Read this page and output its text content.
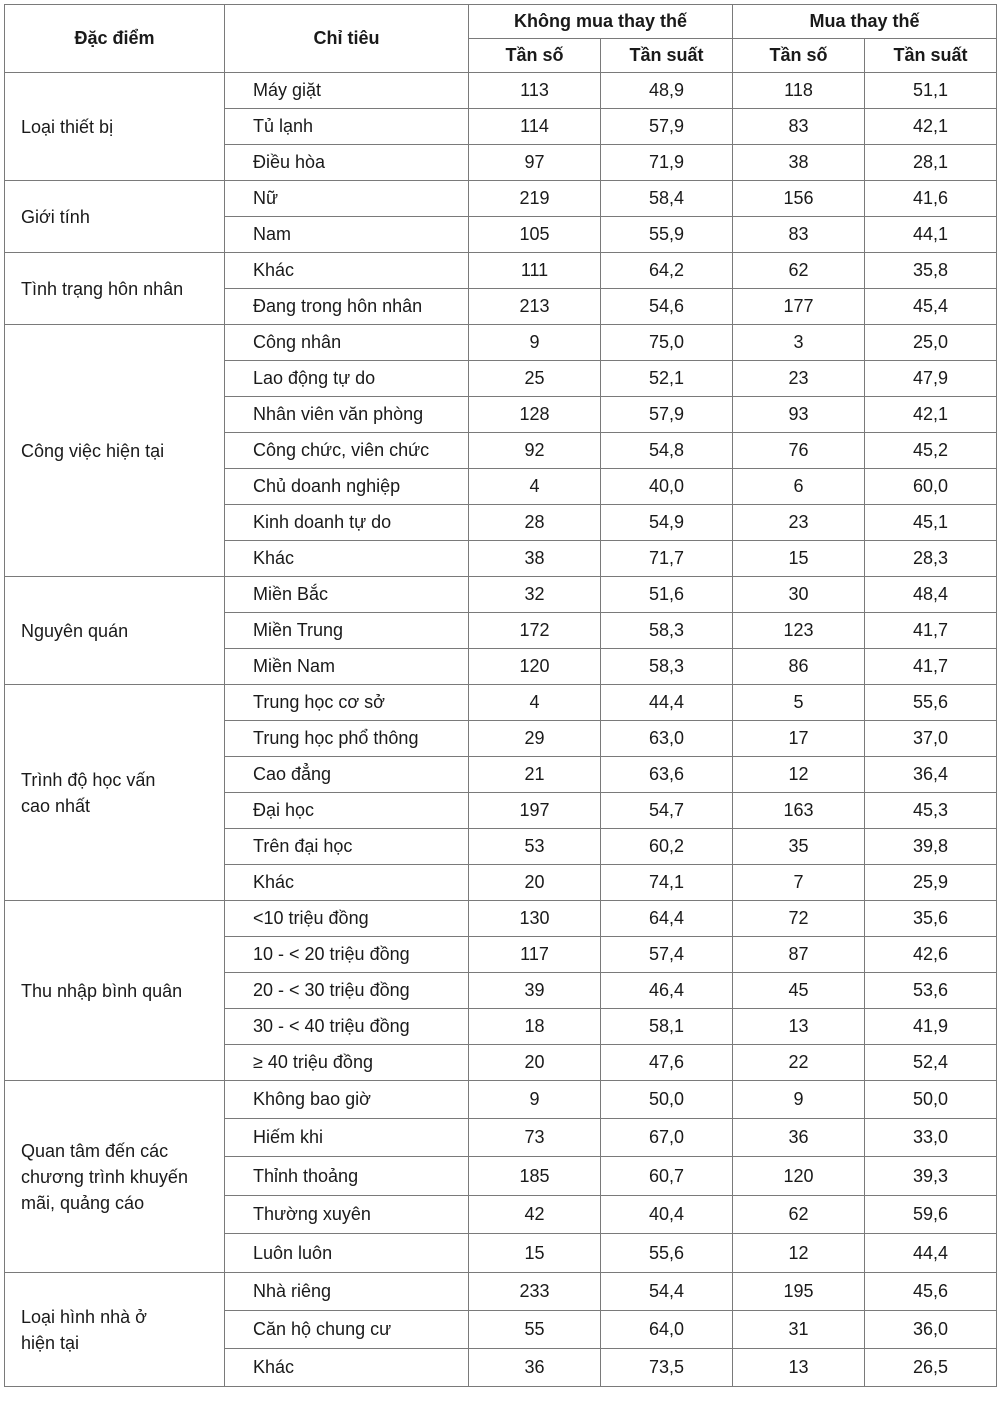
Đặc điểm	Chỉ tiêu	Không mua thay thế		Mua thay thế	
		Tần số	Tần suất	Tần số	Tần suất
Loại thiết bị	Máy giặt	113	48,9	118	51,1
	Tủ lạnh	114	57,9	83	42,1
	Điều hòa	97	71,9	38	28,1
Giới tính	Nữ	219	58,4	156	41,6
	Nam	105	55,9	83	44,1
Tình trạng hôn nhân	Khác	111	64,2	62	35,8
	Đang trong hôn nhân	213	54,6	177	45,4
Công việc hiện tại	Công nhân	9	75,0	3	25,0
	Lao động tự do	25	52,1	23	47,9
	Nhân viên văn phòng	128	57,9	93	42,1
	Công chức, viên chức	92	54,8	76	45,2
	Chủ doanh nghiệp	4	40,0	6	60,0
	Kinh doanh tự do	28	54,9	23	45,1
	Khác	38	71,7	15	28,3
Nguyên quán	Miền Bắc	32	51,6	30	48,4
	Miền Trung	172	58,3	123	41,7
	Miền Nam	120	58,3	86	41,7
Trình độ học vấn cao nhất	Trung học cơ sở	4	44,4	5	55,6
	Trung học phổ thông	29	63,0	17	37,0
	Cao đẳng	21	63,6	12	36,4
	Đại học	197	54,7	163	45,3
	Trên đại học	53	60,2	35	39,8
	Khác	20	74,1	7	25,9
Thu nhập bình quân	<10 triệu đồng	130	64,4	72	35,6
	10 - < 20 triệu đồng	117	57,4	87	42,6
	20 - < 30 triệu đồng	39	46,4	45	53,6
	30 - < 40 triệu đồng	18	58,1	13	41,9
	≥ 40 triệu đồng	20	47,6	22	52,4
Quan tâm đến các chương trình khuyến mãi, quảng cáo	Không bao giờ	9	50,0	9	50,0
	Hiếm khi	73	67,0	36	33,0
	Thỉnh thoảng	185	60,7	120	39,3
	Thường xuyên	42	40,4	62	59,6
	Luôn luôn	15	55,6	12	44,4
Loại hình nhà ở hiện tại	Nhà riêng	233	54,4	195	45,6
	Căn hộ chung cư	55	64,0	31	36,0
	Khác	36	73,5	13	26,5
